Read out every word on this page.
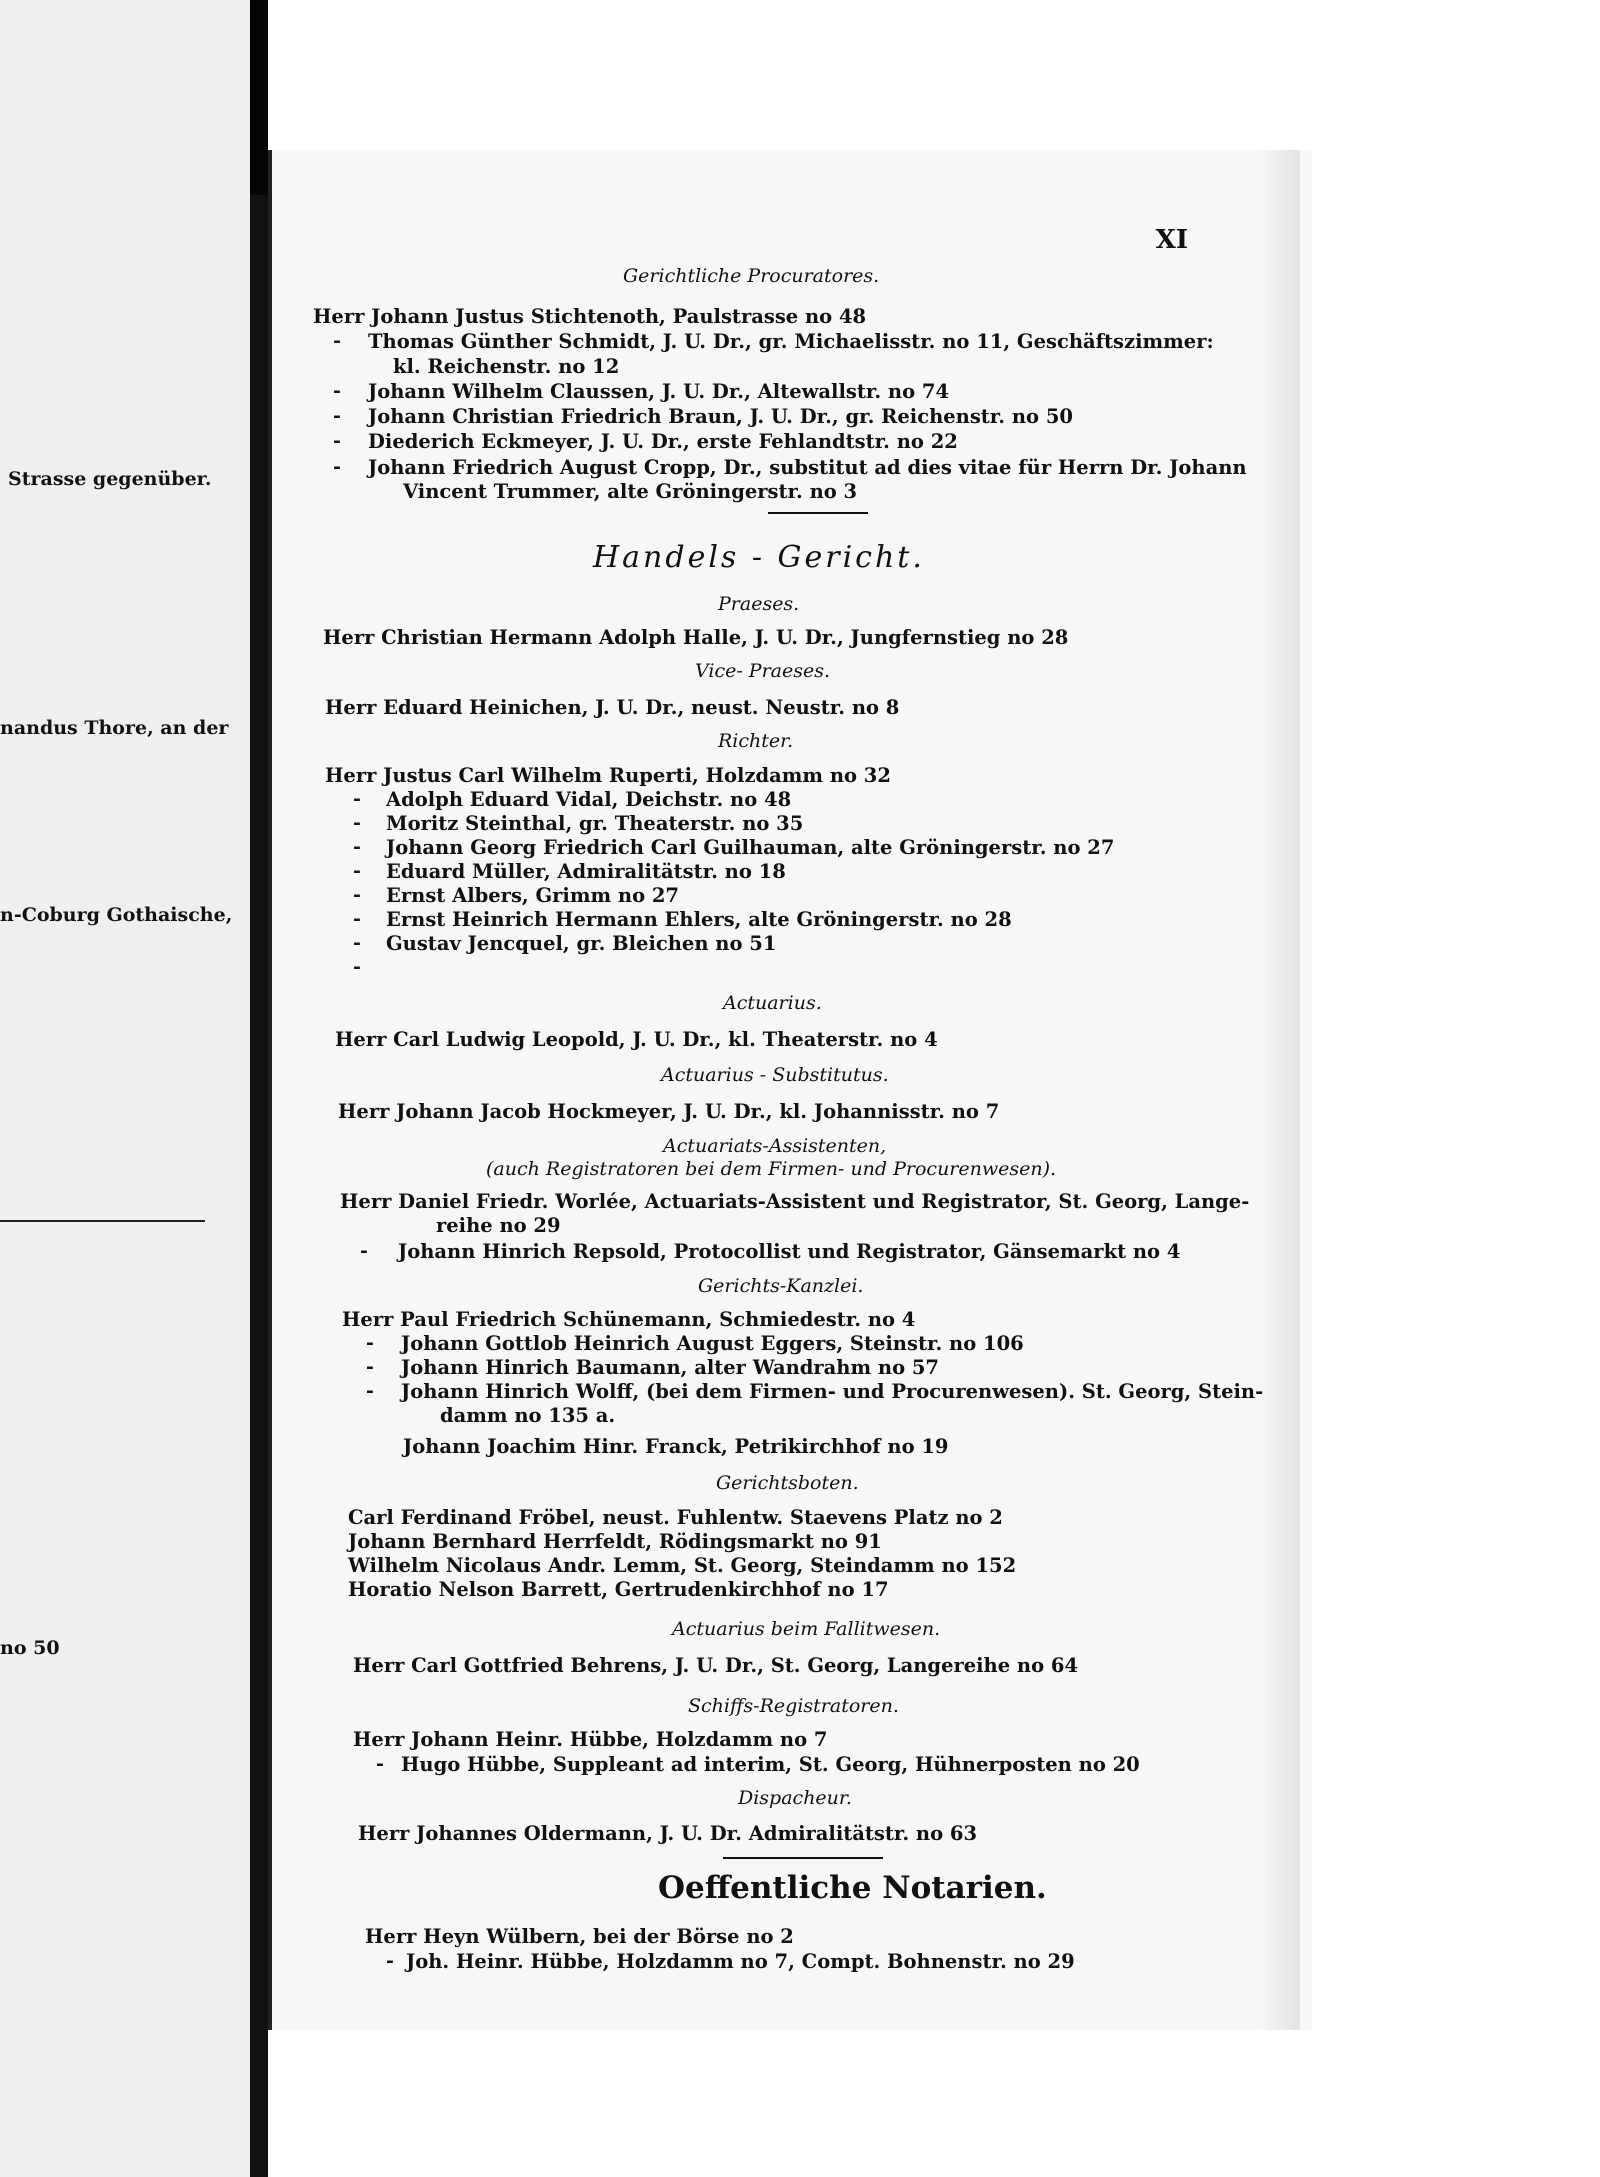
Strasse gegenüber.
nandus Thore, an der
n-Coburg Gothaische,
no 50
XI
Gerichtliche Procuratores.
Herr Johann Justus Stichtenoth, Paulstrasse no 48
- Thomas Günther Schmidt, J. U. Dr., gr. Michaelisstr. no 11, Geschäftszimmer:
kl. Reichenstr. no 12
- Johann Wilhelm Claussen, J. U. Dr., Altewallstr. no 74
- Johann Christian Friedrich Braun, J. U. Dr., gr. Reichenstr. no 50
- Diederich Eckmeyer, J. U. Dr., erste Fehlandtstr. no 22
- Johann Friedrich August Cropp, Dr., substitut ad dies vitae für Herrn Dr. Johann
Vincent Trummer, alte Gröningerstr. no 3
Handels - Gericht.
Praeses.
Herr Christian Hermann Adolph Halle, J. U. Dr., Jungfernstieg no 28
Vice- Praeses.
Herr Eduard Heinichen, J. U. Dr., neust. Neustr. no 8
Richter.
Herr Justus Carl Wilhelm Ruperti, Holzdamm no 32
- Adolph Eduard Vidal, Deichstr. no 48
- Moritz Steinthal, gr. Theaterstr. no 35
- Johann Georg Friedrich Carl Guilhauman, alte Gröningerstr. no 27
- Eduard Müller, Admiralitätstr. no 18
- Ernst Albers, Grimm no 27
- Ernst Heinrich Hermann Ehlers, alte Gröningerstr. no 28
- Gustav Jencquel, gr. Bleichen no 51
-
Actuarius.
Herr Carl Ludwig Leopold, J. U. Dr., kl. Theaterstr. no 4
Actuarius - Substitutus.
Herr Johann Jacob Hockmeyer, J. U. Dr., kl. Johannisstr. no 7
Actuariats-Assistenten,
(auch Registratoren bei dem Firmen- und Procurenwesen).
Herr Daniel Friedr. Worlée, Actuariats-Assistent und Registrator, St. Georg, Lange-
reihe no 29
- Johann Hinrich Repsold, Protocollist und Registrator, Gänsemarkt no 4
Gerichts-Kanzlei.
Herr Paul Friedrich Schünemann, Schmiedestr. no 4
- Johann Gottlob Heinrich August Eggers, Steinstr. no 106
- Johann Hinrich Baumann, alter Wandrahm no 57
- Johann Hinrich Wolff, (bei dem Firmen- und Procurenwesen). St. Georg, Stein-
damm no 135 a.
Johann Joachim Hinr. Franck, Petrikirchhof no 19
Gerichtsboten.
Carl Ferdinand Fröbel, neust. Fuhlentw. Staevens Platz no 2
Johann Bernhard Herrfeldt, Rödingsmarkt no 91
Wilhelm Nicolaus Andr. Lemm, St. Georg, Steindamm no 152
Horatio Nelson Barrett, Gertrudenkirchhof no 17
Actuarius beim Fallitwesen.
Herr Carl Gottfried Behrens, J. U. Dr., St. Georg, Langereihe no 64
Schiffs-Registratoren.
Herr Johann Heinr. Hübbe, Holzdamm no 7
- Hugo Hübbe, Suppleant ad interim, St. Georg, Hühnerposten no 20
Dispacheur.
Herr Johannes Oldermann, J. U. Dr. Admiralitätstr. no 63
Oeffentliche Notarien.
Herr Heyn Wülbern, bei der Börse no 2
- Joh. Heinr. Hübbe, Holzdamm no 7, Compt. Bohnenstr. no 29
